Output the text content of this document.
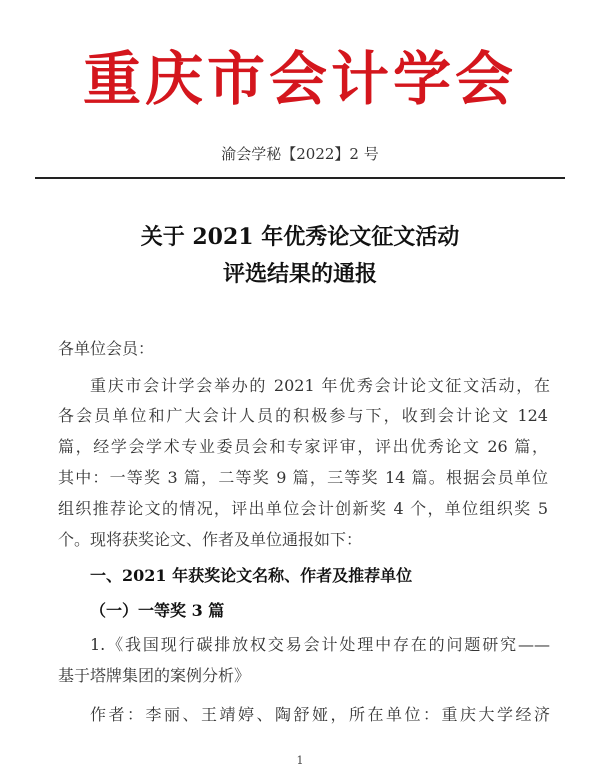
重庆市会计学会
渝会学秘【2022】2 号
关于 2021 年优秀论文征文活动
评选结果的通报
各单位会员：
重庆市会计学会举办的 2021 年优秀会计论文征文活动，在
各会员单位和广大会计人员的积极参与下，收到会计论文 124
篇，经学会学术专业委员会和专家评审，评出优秀论文 26 篇，
其中：一等奖 3 篇，二等奖 9 篇，三等奖 14 篇。根据会员单位
组织推荐论文的情况，评出单位会计创新奖 4 个，单位组织奖 5
个。现将获奖论文、作者及单位通报如下：
一、2021 年获奖论文名称、作者及推荐单位
（一）一等奖 3 篇
1.《我国现行碳排放权交易会计处理中存在的问题研究——
基于塔牌集团的案例分析》
作者：李丽、王靖婷、陶舒娅，所在单位：重庆大学经济
1
